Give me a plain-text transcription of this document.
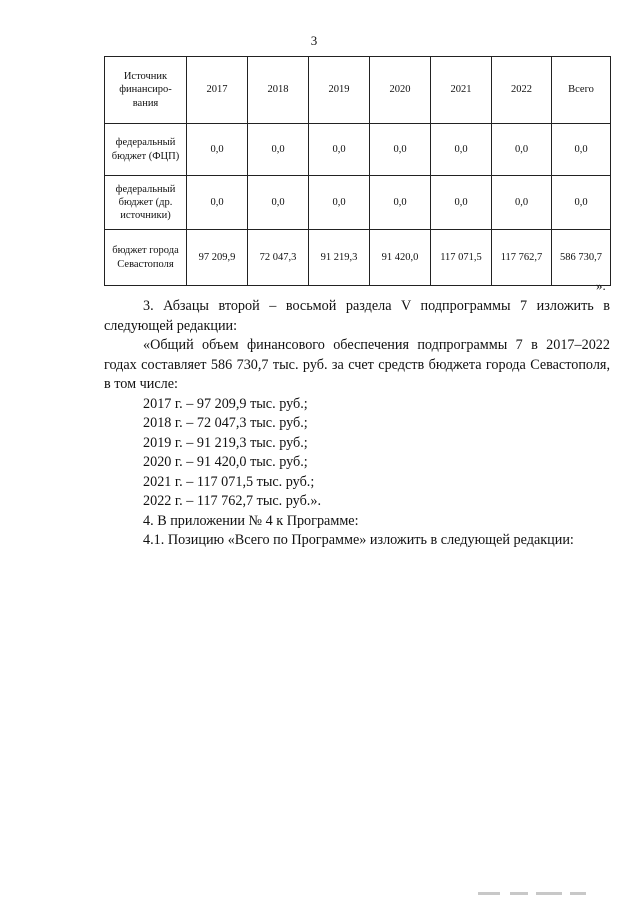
3
Источник финансиро-вания	2017	2018	2019	2020	2021	2022	Всего
федеральный бюджет (ФЦП)	0,0	0,0	0,0	0,0	0,0	0,0	0,0
федеральный бюджет (др. источники)	0,0	0,0	0,0	0,0	0,0	0,0	0,0
бюджет города Севастополя	97 209,9	72 047,3	91 219,3	91 420,0	117 071,5	117 762,7	586 730,7
».

3. Абзацы второй – восьмой раздела V подпрограммы 7 изложить в следующей редакции:

«Общий объем финансового обеспечения подпрограммы 7 в 2017–2022 годах составляет 586 730,7 тыс. руб. за счет средств бюджета города Севастополя, в том числе:

2017 г. – 97 209,9 тыс. руб.;

2018 г. – 72 047,3 тыс. руб.;

2019 г. – 91 219,3 тыс. руб.;

2020 г. – 91 420,0 тыс. руб.;

2021 г. – 117 071,5 тыс. руб.;

2022 г. – 117 762,7 тыс. руб.».

4. В приложении № 4 к Программе:

4.1. Позицию «Всего по Программе» изложить в следующей редакции:
